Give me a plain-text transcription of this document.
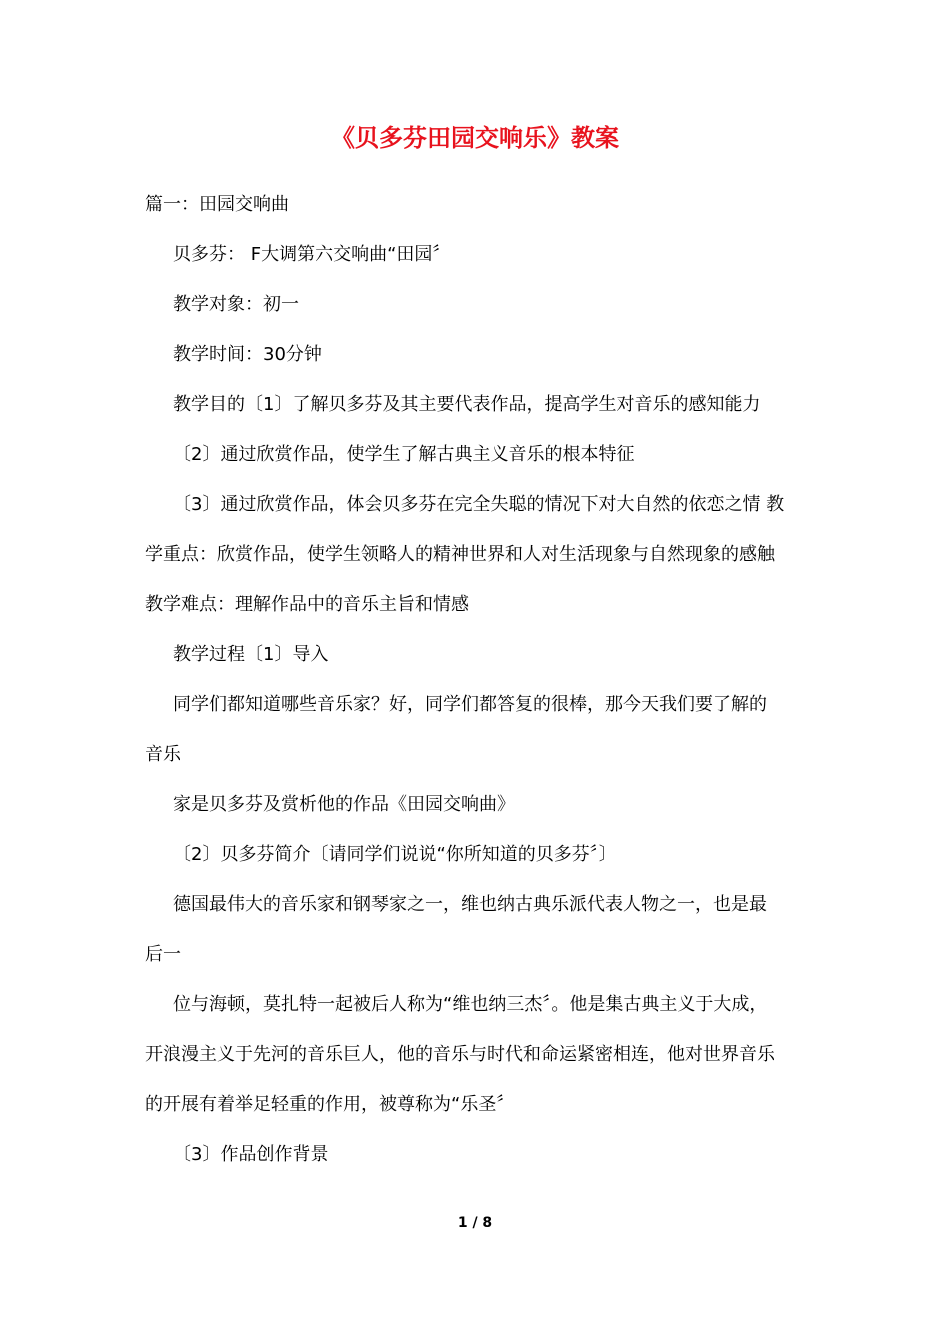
《贝多芬田园交响乐》教案
篇一：田园交响曲
贝多芬： F大调第六交响曲“田园〞
教学对象：初一
教学时间：30分钟
教学目的〔1〕了解贝多芬及其主要代表作品，提高学生对音乐的感知能力
〔2〕通过欣赏作品，使学生了解古典主义音乐的根本特征
〔3〕通过欣赏作品，体会贝多芬在完全失聪的情况下对大自然的依恋之情 教
学重点：欣赏作品，使学生领略人的精神世界和人对生活现象与自然现象的感触
教学难点：理解作品中的音乐主旨和情感
教学过程〔1〕导入
同学们都知道哪些音乐家？好，同学们都答复的很棒，那今天我们要了解的
音乐
家是贝多芬及赏析他的作品《田园交响曲》
〔2〕贝多芬简介〔请同学们说说“你所知道的贝多芬〞〕
德国最伟大的音乐家和钢琴家之一，维也纳古典乐派代表人物之一，也是最
后一
位与海顿，莫扎特一起被后人称为“维也纳三杰〞。他是集古典主义于大成，
开浪漫主义于先河的音乐巨人，他的音乐与时代和命运紧密相连，他对世界音乐
的开展有着举足轻重的作用，被尊称为“乐圣〞
〔3〕作品创作背景
1 / 8
